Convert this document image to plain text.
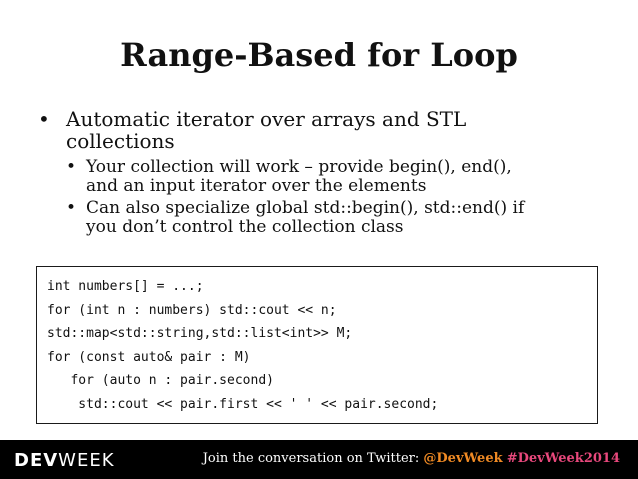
Range-Based for Loop
• Automatic iterator over arrays and STL
collections
• Your collection will work – provide begin(), end(),
and an input iterator over the elements
• Can also specialize global std::begin(), std::end() if
you don’t control the collection class
int numbers[] = ...;
for (int n : numbers) std::cout << n;
std::map<std::string,std::list<int>> M;
for (const auto& pair : M)
for (auto n : pair.second)
std::cout << pair.first << ' ' << pair.second;
DEVWEEK	Join the conversation on Twitter: @DevWeek #DevWeek2014
